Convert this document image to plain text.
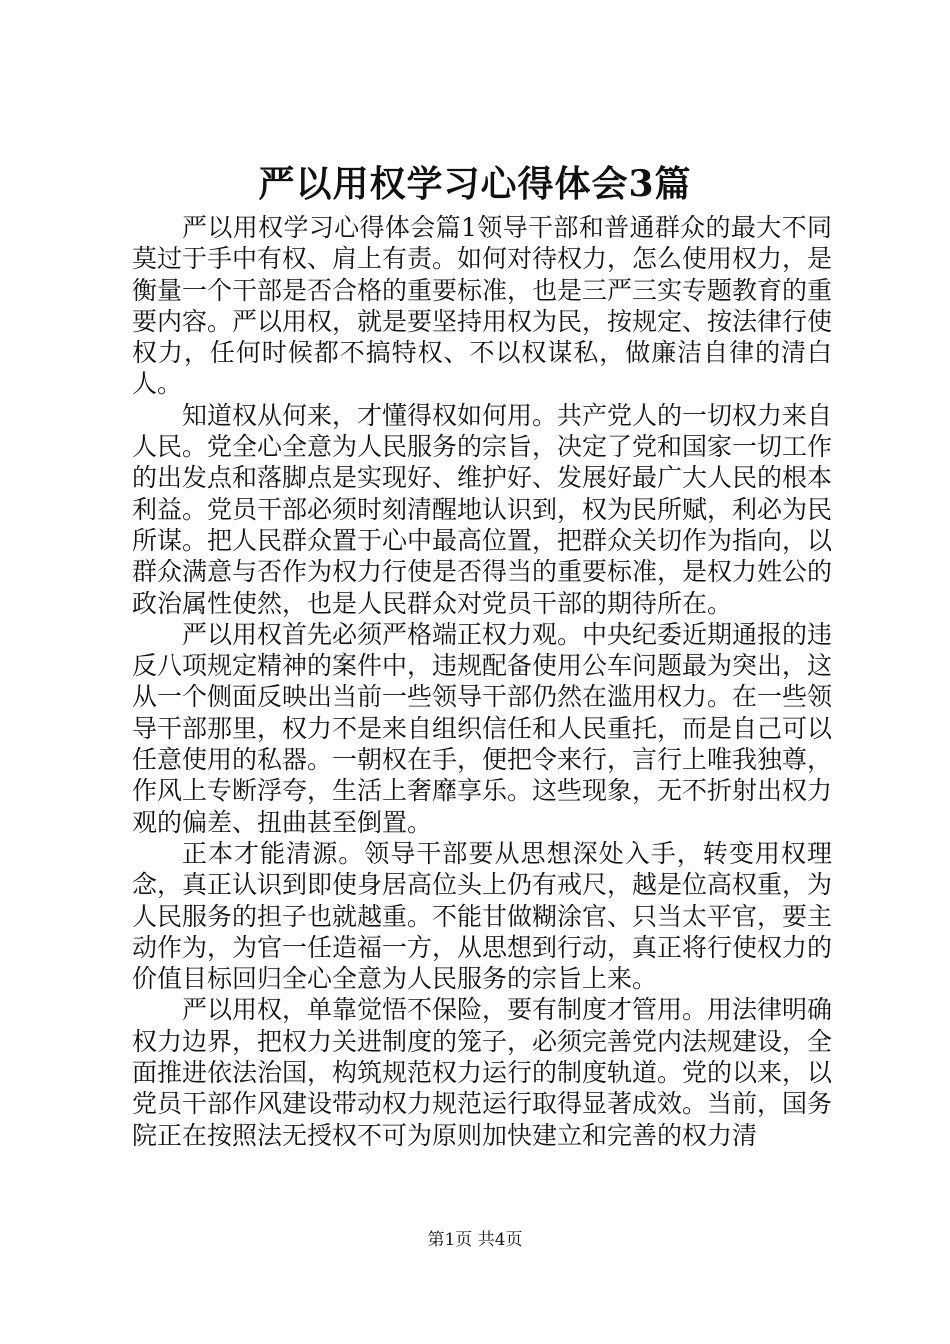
严以用权学习心得体会3篇

严以用权学习心得体会篇1领导干部和普通群众的最大不同莫过于手中有权、肩上有责。如何对待权力，怎么使用权力，是衡量一个干部是否合格的重要标准，也是三严三实专题教育的重要内容。严以用权，就是要坚持用权为民，按规定、按法律行使权力，任何时候都不搞特权、不以权谋私，做廉洁自律的清白人。

知道权从何来，才懂得权如何用。共产党人的一切权力来自人民。党全心全意为人民服务的宗旨，决定了党和国家一切工作的出发点和落脚点是实现好、维护好、发展好最广大人民的根本利益。党员干部必须时刻清醒地认识到，权为民所赋，利必为民所谋。把人民群众置于心中最高位置，把群众关切作为指向，以群众满意与否作为权力行使是否得当的重要标准，是权力姓公的政治属性使然，也是人民群众对党员干部的期待所在。

严以用权首先必须严格端正权力观。中央纪委近期通报的违反八项规定精神的案件中，违规配备使用公车问题最为突出，这从一个侧面反映出当前一些领导干部仍然在滥用权力。在一些领导干部那里，权力不是来自组织信任和人民重托，而是自己可以任意使用的私器。一朝权在手，便把令来行，言行上唯我独尊，作风上专断浮夸，生活上奢靡享乐。这些现象，无不折射出权力观的偏差、扭曲甚至倒置。

正本才能清源。领导干部要从思想深处入手，转变用权理念，真正认识到即使身居高位头上仍有戒尺，越是位高权重，为人民服务的担子也就越重。不能甘做糊涂官、只当太平官，要主动作为，为官一任造福一方，从思想到行动，真正将行使权力的价值目标回归全心全意为人民服务的宗旨上来。

严以用权，单靠觉悟不保险，要有制度才管用。用法律明确权力边界，把权力关进制度的笼子，必须完善党内法规建设，全面推进依法治国，构筑规范权力运行的制度轨道。党的以来，以党员干部作风建设带动权力规范运行取得显著成效。当前，国务院正在按照法无授权不可为原则加快建立和完善的权力清

第1页 共4页
